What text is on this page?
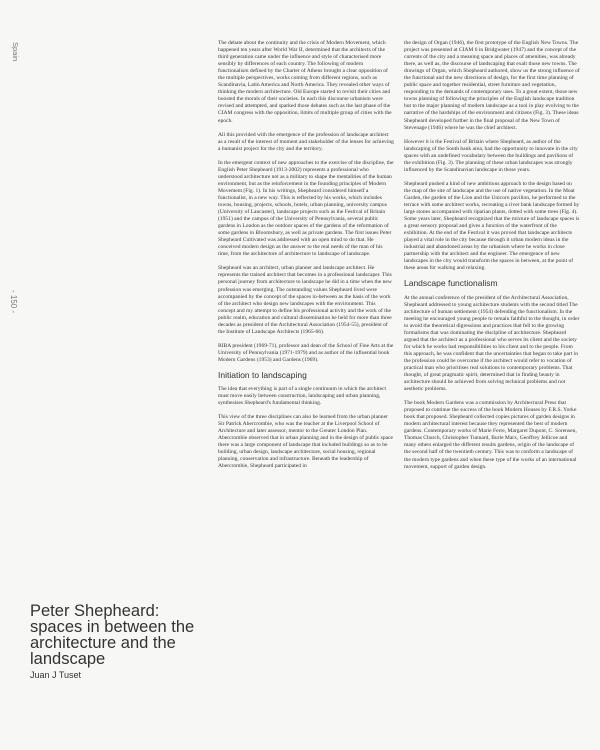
Spain
- 150 -

The debate about the continuity and the crisis of Modern Movement, which happened ten years after World War II, determined that the architects of the third generation came under the influence and style of characterised more sensibly by differences of each country. The following of modern functionalism defined by the Charter of Athens brought a clear opposition of the multiple perspectives, works coming from different regions, such as Scandinavia, Latin America and North America. They revealed other ways of thinking the modern architecture. Old Europe started to revisit their cities and boosted the morals of their societies. In each this discourse urbanism were revised and attempted, and sparked those debates such as the last phase of the CIAM congress with the opposition, limits of multiple group of cities with the epoch.

All this provided with the emergence of the profession of landscape architect as a result of the interest of moment and stakeholder of the lenses for achieving a humanist project for the city and the territory.

In the emergent context of new approaches to the exercise of the discipline, the English Peter Shepheard (1913-2002) represents a professional who understood architecture not as a military to shape the mentalities of the human environment, but as the reinforcement in the founding principles of Modern Movement (Fig. 1). In his writings, Shepheard considered himself a functionalist, in a new way. This is reflected by his works, which includes towns, housing, projects, schools, hotels, urban planning, university campus (University of Lancaster), landscape projects such as the Festival of Britain (1951) and the campus of the University of Pennsylvania, several public gardens in London as the outdoor spaces of the gardens of the reformation of some gardens in Bloomsbury, as well as private gardens. The first issues Peter Shepheard Cultivated was addressed with an open mind to do that. He conceived modern design as the answer to the real needs of the man of his time, from the architecture of architecture to landscape of landscape.

Shepheard was an architect, urban planner and landscape architect. He represents the trained architect that becomes in a professional landscaper. This personal journey from architecture to landscape he did in a time when the new profession was emerging. The outstanding values Shepheard lived were accompanied by the concept of the spaces in-between as the basis of the work of the architect who design new landscapes with the environment. This concept and my attempt to define his professional activity and the work of the public realm, education and cultural dissemination he held for more than three decades as president of the Architectural Association (1954-55), president of the Institute of Landscape Architects (1965-66).

RIBA president (1969-71), professor and dean of the School of Fine Arts at the University of Pennsylvania (1971-1979) and as author of the influential book Modern Gardens (1953) and Gardens (1969).

Initiation to landscaping

The idea that everything is part of a single continuum in which the architect must move easily between construction, landscaping and urban planning, synthesises Shepheard's fundamental thinking.

This view of the three disciplines can also be learned from the urban planner Sir Patrick Abercrombie, who was the teacher at the Liverpool School of Architecture and later assessor, mentor to the Greater London Plan. Abercrombie observed that in urban planning and in the design of public space there was a large component of landscape that included buildings so as to be building, urban design, landscape architecture, social housing, regional planning, conservation and infrastructure. Beneath the leadership of Abercrombie, Shepheard participated in

the design of Organ (1946), the first prototype of the English New Towns. The project was presented at CIAM 6 in Bridgwater (1947) and the concept of the currents of the city and a meaning space and places of amenities, was already there, as well as, the discourse of landscaping that exalt those new towns. The drawings of Organ, which Shepheard authored, show us the strong influence of the functional and the new directions of design, for the first time planning of public space and together residential, street furniture and vegetation, responding to the demands of contemporary uses. To a great extent, those new towns planning of following the principles of the English landscape tradition but to the major planning of modern landscape as a tool in play evolving to the narrative of the hardships of the environment and citizens (Fig. 3). These ideas Shepheard developed further in the final proposal of the New Town of Stevenage (1946) where he was the chief architect.

However it is the Festival of Britain where Shepheard, as author of the landscaping of the South bank area, had the opportunity to innovate in the city spaces with an undefined vocabulary between the buildings and pavilions of the exhibition (Fig. 3). The planning of these urban landscapes was strongly influenced by the Scandinavian landscape in those years.

Shepheard pushed a kind of new ambitious approach to the design based on the map of the site of landscape and the use of native vegetation. In the Moat Garden, the garden of the Lion and the Unicorn pavilion, he performed to the terrace with some architect works, recreating a river bank landscape formed by large stones accompanied with riparian plants, dotted with some trees (Fig. 4). Some years later, Shepheard recognized that the mixture of landscape spaces is a great sensory proposal and gives a function of the waterfront of the exhibition. At the end of the Festival it was proved that landscape architects played a vital role in the city because through it urban modern ideas in the industrial and abandoned areas by the urbanism where he works in close partnership with the architect and the engineer. The emergence of new landscapes in the city would transform the spaces in between, at the point of these areas for walking and relaxing.

Landscape functionalism

At the annual conference of the president of the Architectural Association, Shepheard addressed to young architecture students with the second titled The architecture of human settlement (1954) defending the functionalism. In the meeting he encouraged young people to remain faithful to the thought, in order to avoid the theoretical digressions and practices that fell to the growing formalisms that was dominating the discipline of architecture. Shepheard argued that the architect as a professional who serves its client and the society for which he works had responsibilities to his client and to the people. From this approach, he was confident that the uncertainties that began to take part in the profession could be overcome if the architect would refer to vocation of practical man who prioritises real solutions to contemporary problems. That thought, of great pragmatic spirit, determined that in finding beauty in architecture should be achieved from solving technical problems and not aesthetic problems.

The book Modern Gardens was a commission by Architectural Press that proposed to continue the success of the book Modern Houses by F.R.S. Yorke book that proposed. Shepheard collected copies pictures of garden designs in modern architectural interest because they represented the best of modern gardens. Contemporary works of Marie Ferre, Margaret Dupont, C. Sorensen, Thomas Church, Christopher Tunnard, Burle Marx, Geoffrey Jellicoe and many others enlarged the different results gardens, origin of the landscape of the second half of the twentieth century. This was to conform a landscape of the modern type gardens and when these type of the works of an international movement, support of garden design.

Peter Shepheard: spaces in between the architecture and the landscape
Juan J Tuset
